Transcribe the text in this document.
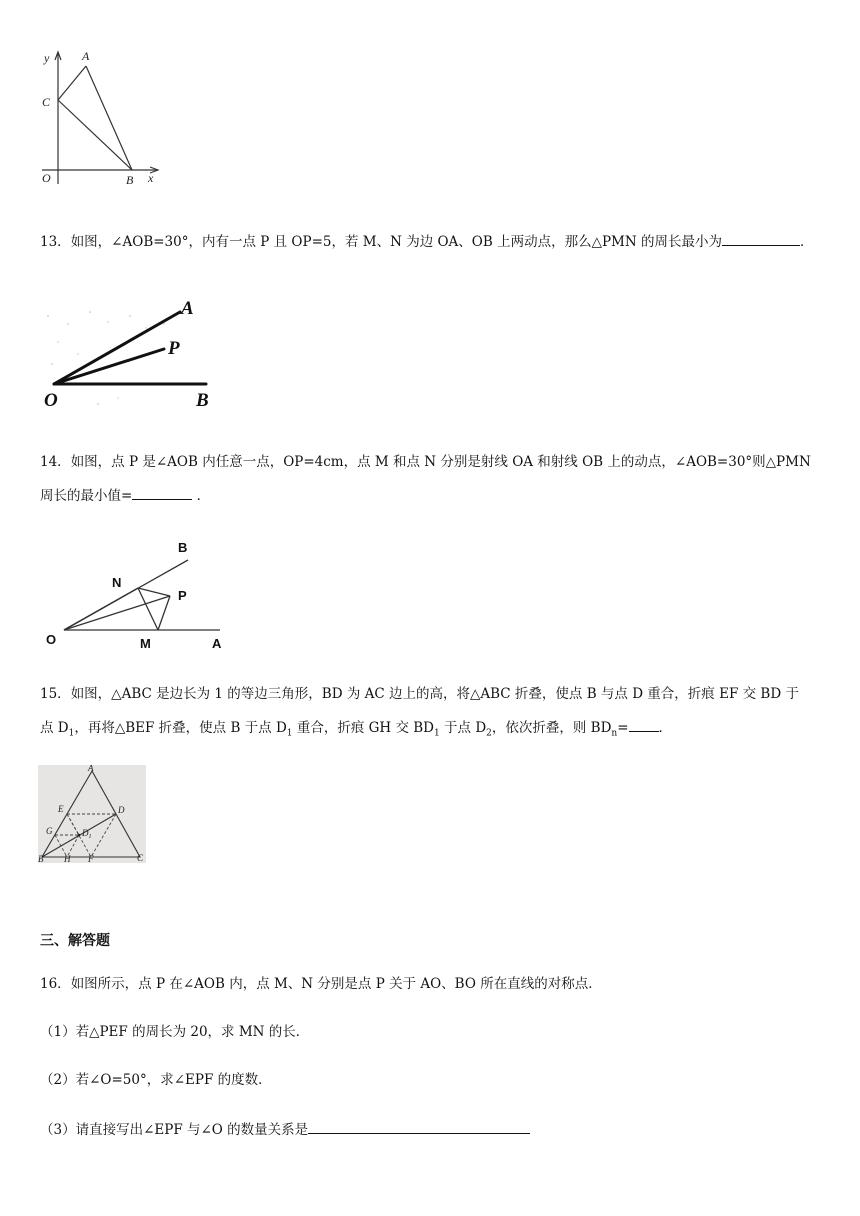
y	A
C
O	B x
13．如图，∠AOB=30°，内有一点 P 且 OP=5，若 M、N 为边 OA、OB 上两动点，那么△PMN 的周长最小为	．
A
P
O	B
14．如图，点 P 是∠AOB 内任意一点，OP=4cm，点 M 和点 N 分别是射线 OA 和射线 OB 上的动点，∠AOB=30°则△PMN
周长的最小值=	．
B
N
P
O	M	A
15．如图，△ABC 是边长为 1 的等边三角形，BD 为 AC 边上的高，将△ABC 折叠，使点 B 与点 D 重合，折痕 EF 交 BD 于
点 $D_1$，再将△BEF 折叠，使点 B 于点 $D_1$ 重合，折痕 GH 交 $BD_1$ 于点 $D_2$，依次折叠，则 $BD_n=$ ．
A
E	D
G	$D_1$
B H F	C
三、解答题
16．如图所示，点 P 在∠AOB 内，点 M、N 分别是点 P 关于 AO、BO 所在直线的对称点．
（1）若△PEF 的周长为 20，求 MN 的长．
（2）若∠O=50°，求∠EPF 的度数．
（3）请直接写出∠EPF 与∠O 的数量关系是
